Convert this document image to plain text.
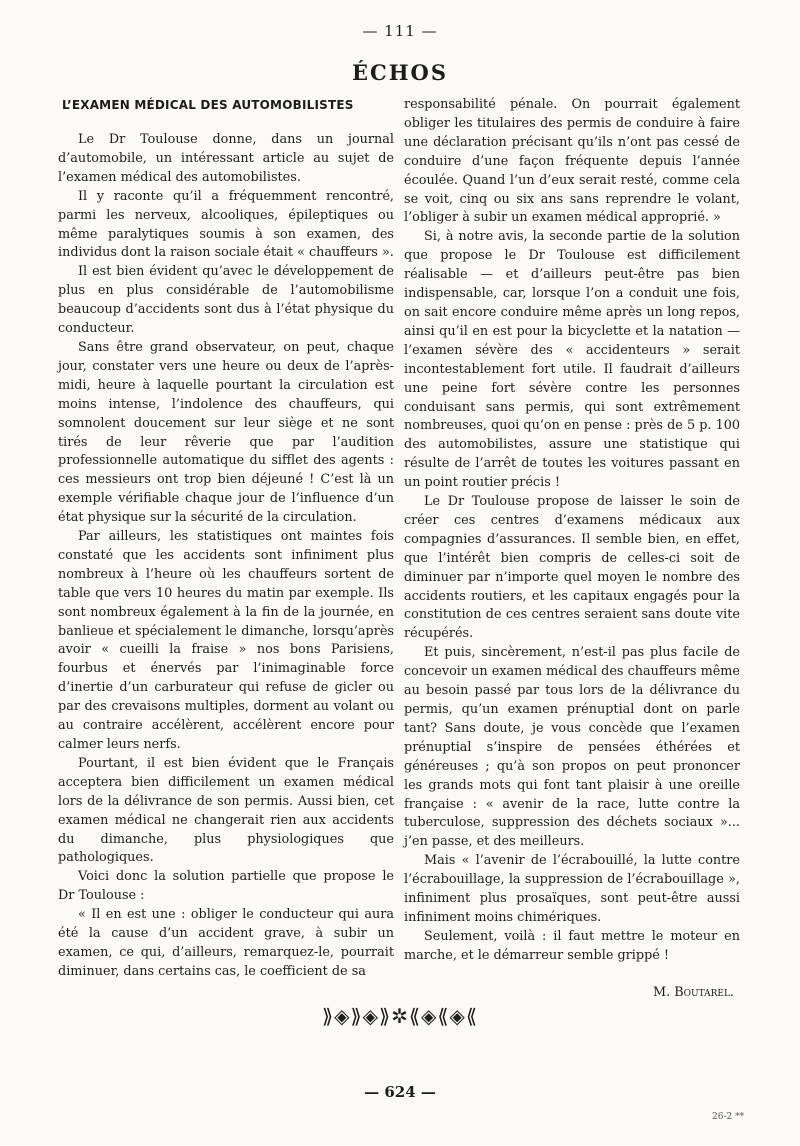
— 111 —
ÉCHOS
L’EXAMEN MÉDICAL DES AUTOMOBILISTES

Le Dr Toulouse donne, dans un journal d’automobile, un intéressant article au sujet de l’examen médical des automobilistes.

Il y raconte qu’il a fréquemment rencontré, parmi les nerveux, alcooliques, épileptiques ou même paralytiques soumis à son examen, des individus dont la raison sociale était « chauffeurs ».

Il est bien évident qu’avec le développement de plus en plus considérable de l’automobilisme beaucoup d’accidents sont dus à l’état physique du conducteur.

Sans être grand observateur, on peut, chaque jour, constater vers une heure ou deux de l’après-midi, heure à laquelle pourtant la circulation est moins intense, l’indolence des chauffeurs, qui somnolent doucement sur leur siège et ne sont tirés de leur rêverie que par l’audition professionnelle automatique du sifflet des agents : ces messieurs ont trop bien déjeuné ! C’est là un exemple vérifiable chaque jour de l’influence d’un état physique sur la sécurité de la circulation.

Par ailleurs, les statistiques ont maintes fois constaté que les accidents sont infiniment plus nombreux à l’heure où les chauffeurs sortent de table que vers 10 heures du matin par exemple. Ils sont nombreux également à la fin de la journée, en banlieue et spécialement le dimanche, lorsqu’après avoir « cueilli la fraise » nos bons Parisiens, fourbus et énervés par l’inimaginable force d’inertie d’un carburateur qui refuse de gicler ou par des crevaisons multiples, dorment au volant ou au contraire accélèrent, accélèrent encore pour calmer leurs nerfs.

Pourtant, il est bien évident que le Français acceptera bien difficilement un examen médical lors de la délivrance de son permis. Aussi bien, cet examen médical ne changerait rien aux accidents du dimanche, plus physiologiques que pathologiques.

Voici donc la solution partielle que propose le Dr Toulouse :

« Il en est une : obliger le conducteur qui aura été la cause d’un accident grave, à subir un examen, ce qui, d’ailleurs, remarquez-le, pourrait diminuer, dans certains cas, le coefficient de sa

responsabilité pénale. On pourrait également obliger les titulaires des permis de conduire à faire une déclaration précisant qu’ils n’ont pas cessé de conduire d’une façon fréquente depuis l’année écoulée. Quand l’un d’eux serait resté, comme cela se voit, cinq ou six ans sans reprendre le volant, l’obliger à subir un examen médical approprié. »

Si, à notre avis, la seconde partie de la solution que propose le Dr Toulouse est difficilement réalisable — et d’ailleurs peut-être pas bien indispensable, car, lorsque l’on a conduit une fois, on sait encore conduire même après un long repos, ainsi qu’il en est pour la bicyclette et la natation — l’examen sévère des « accidenteurs » serait incontestablement fort utile. Il faudrait d’ailleurs une peine fort sévère contre les personnes conduisant sans permis, qui sont extrêmement nombreuses, quoi qu’on en pense : près de 5 p. 100 des automobilistes, assure une statistique qui résulte de l’arrêt de toutes les voitures passant en un point routier précis !

Le Dr Toulouse propose de laisser le soin de créer ces centres d’examens médicaux aux compagnies d’assurances. Il semble bien, en effet, que l’intérêt bien compris de celles-ci soit de diminuer par n’importe quel moyen le nombre des accidents routiers, et les capitaux engagés pour la constitution de ces centres seraient sans doute vite récupérés.

Et puis, sincèrement, n’est-il pas plus facile de concevoir un examen médical des chauffeurs même au besoin passé par tous lors de la délivrance du permis, qu’un examen prénuptial dont on parle tant? Sans doute, je vous concède que l’examen prénuptial s’inspire de pensées éthérées et généreuses ; qu’à son propos on peut prononcer les grands mots qui font tant plaisir à une oreille française : « avenir de la race, lutte contre la tuberculose, suppression des déchets sociaux »... j’en passe, et des meilleurs.

Mais « l’avenir de l’écrabouillé, la lutte contre l’écrabouillage, la suppression de l’écrabouillage », infiniment plus prosaïques, sont peut-être aussi infiniment moins chimériques.

Seulement, voilà : il faut mettre le moteur en marche, et le démarreur semble grippé !

M. Boutarel.
⟫◈⟫◈⟫✲⟪◈⟪◈⟪
— 624 —
26-2 **
